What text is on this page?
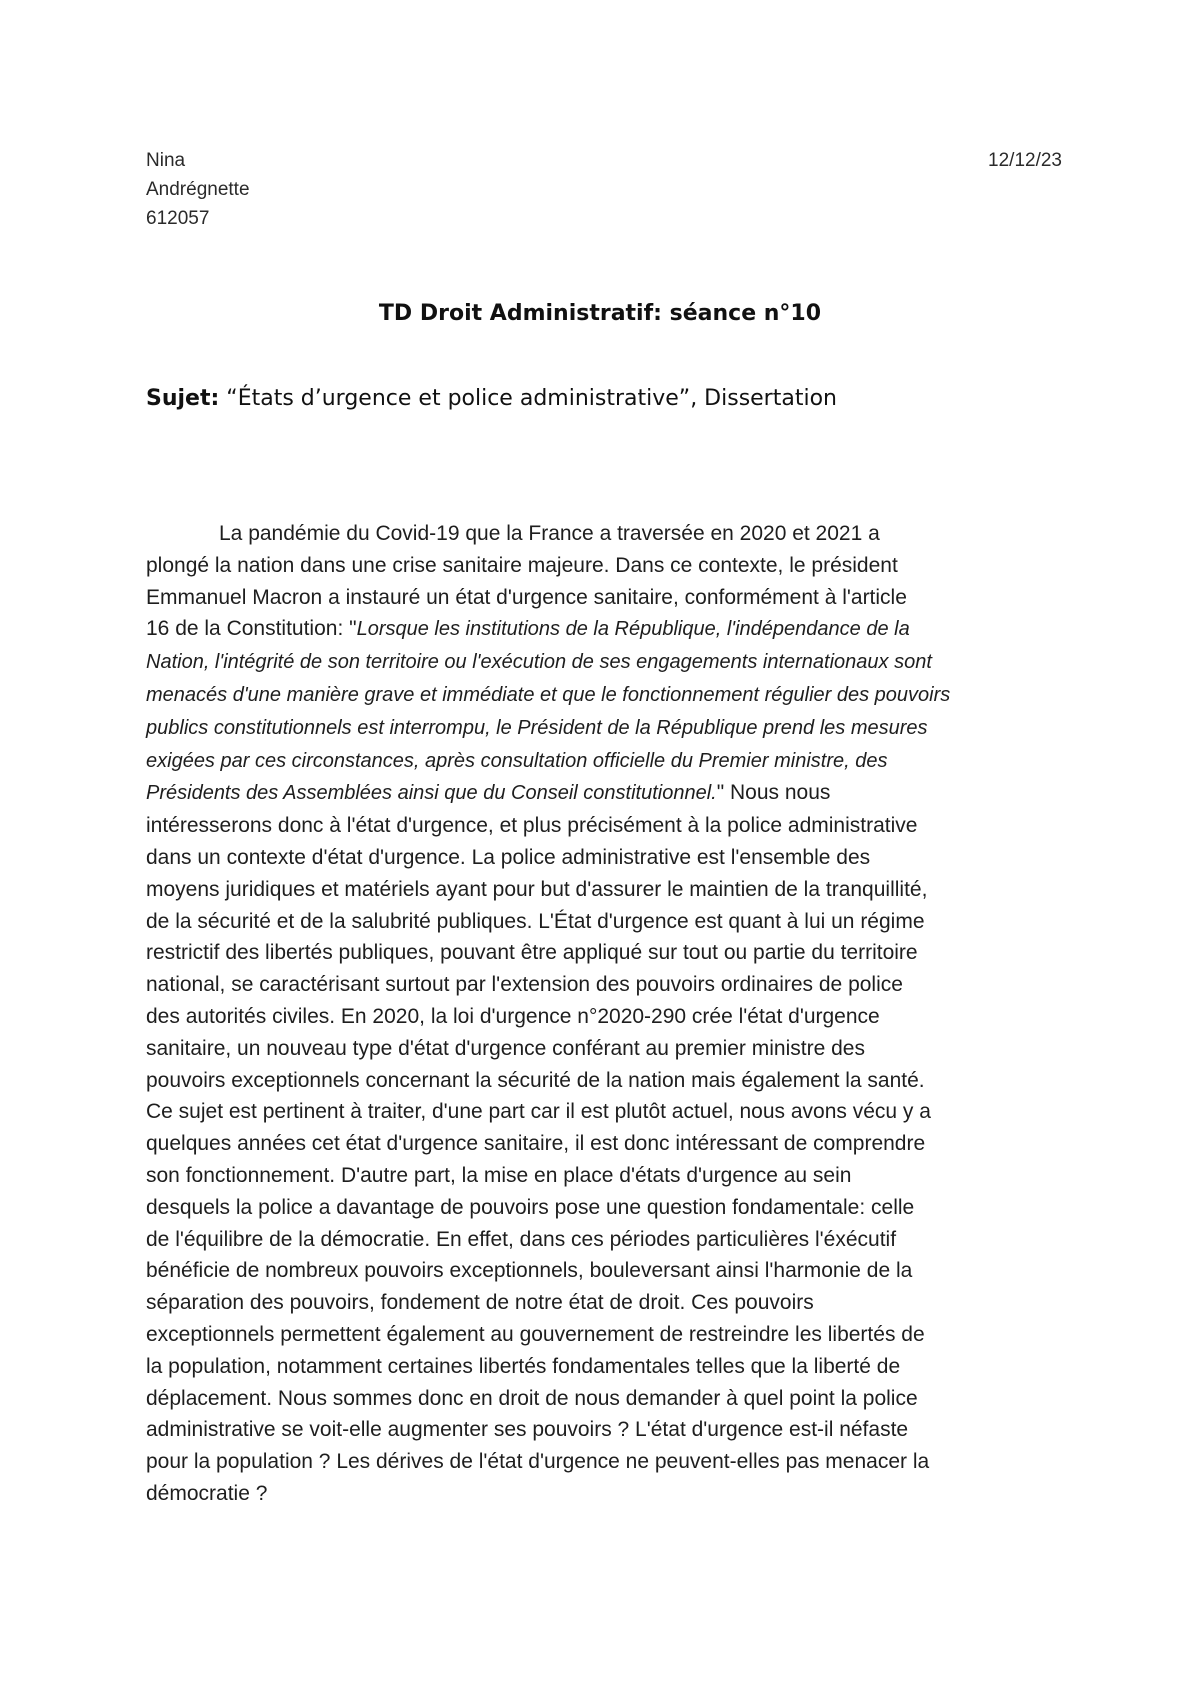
Nina
Andrégnette
612057
12/12/23
TD Droit Administratif: séance n°10
Sujet: “États d’urgence et police administrative”, Dissertation
La pandémie du Covid-19 que la France a traversée en 2020 et 2021 a
plongé la nation dans une crise sanitaire majeure. Dans ce contexte, le président
Emmanuel Macron a instauré un état d'urgence sanitaire, conformément à l'article
16 de la Constitution: "Lorsque les institutions de la République, l'indépendance de la
Nation, l'intégrité de son territoire ou l'exécution de ses engagements internationaux sont
menacés d'une manière grave et immédiate et que le fonctionnement régulier des pouvoirs
publics constitutionnels est interrompu, le Président de la République prend les mesures
exigées par ces circonstances, après consultation officielle du Premier ministre, des
Présidents des Assemblées ainsi que du Conseil constitutionnel." Nous nous
intéresserons donc à l'état d'urgence, et plus précisément à la police administrative
dans un contexte d'état d'urgence. La police administrative est l'ensemble des
moyens juridiques et matériels ayant pour but d'assurer le maintien de la tranquillité,
de la sécurité et de la salubrité publiques. L'État d'urgence est quant à lui un régime
restrictif des libertés publiques, pouvant être appliqué sur tout ou partie du territoire
national, se caractérisant surtout par l'extension des pouvoirs ordinaires de police
des autorités civiles. En 2020, la loi d'urgence n°2020-290 crée l'état d'urgence
sanitaire, un nouveau type d'état d'urgence conférant au premier ministre des
pouvoirs exceptionnels concernant la sécurité de la nation mais également la santé.
Ce sujet est pertinent à traiter, d'une part car il est plutôt actuel, nous avons vécu y a
quelques années cet état d'urgence sanitaire, il est donc intéressant de comprendre
son fonctionnement. D'autre part, la mise en place d'états d'urgence au sein
desquels la police a davantage de pouvoirs pose une question fondamentale: celle
de l'équilibre de la démocratie. En effet, dans ces périodes particulières l'éxécutif
bénéficie de nombreux pouvoirs exceptionnels, bouleversant ainsi l'harmonie de la
séparation des pouvoirs, fondement de notre état de droit. Ces pouvoirs
exceptionnels permettent également au gouvernement de restreindre les libertés de
la population, notamment certaines libertés fondamentales telles que la liberté de
déplacement. Nous sommes donc en droit de nous demander à quel point la police
administrative se voit-elle augmenter ses pouvoirs ? L'état d'urgence est-il néfaste
pour la population ? Les dérives de l'état d'urgence ne peuvent-elles pas menacer la
démocratie ?
